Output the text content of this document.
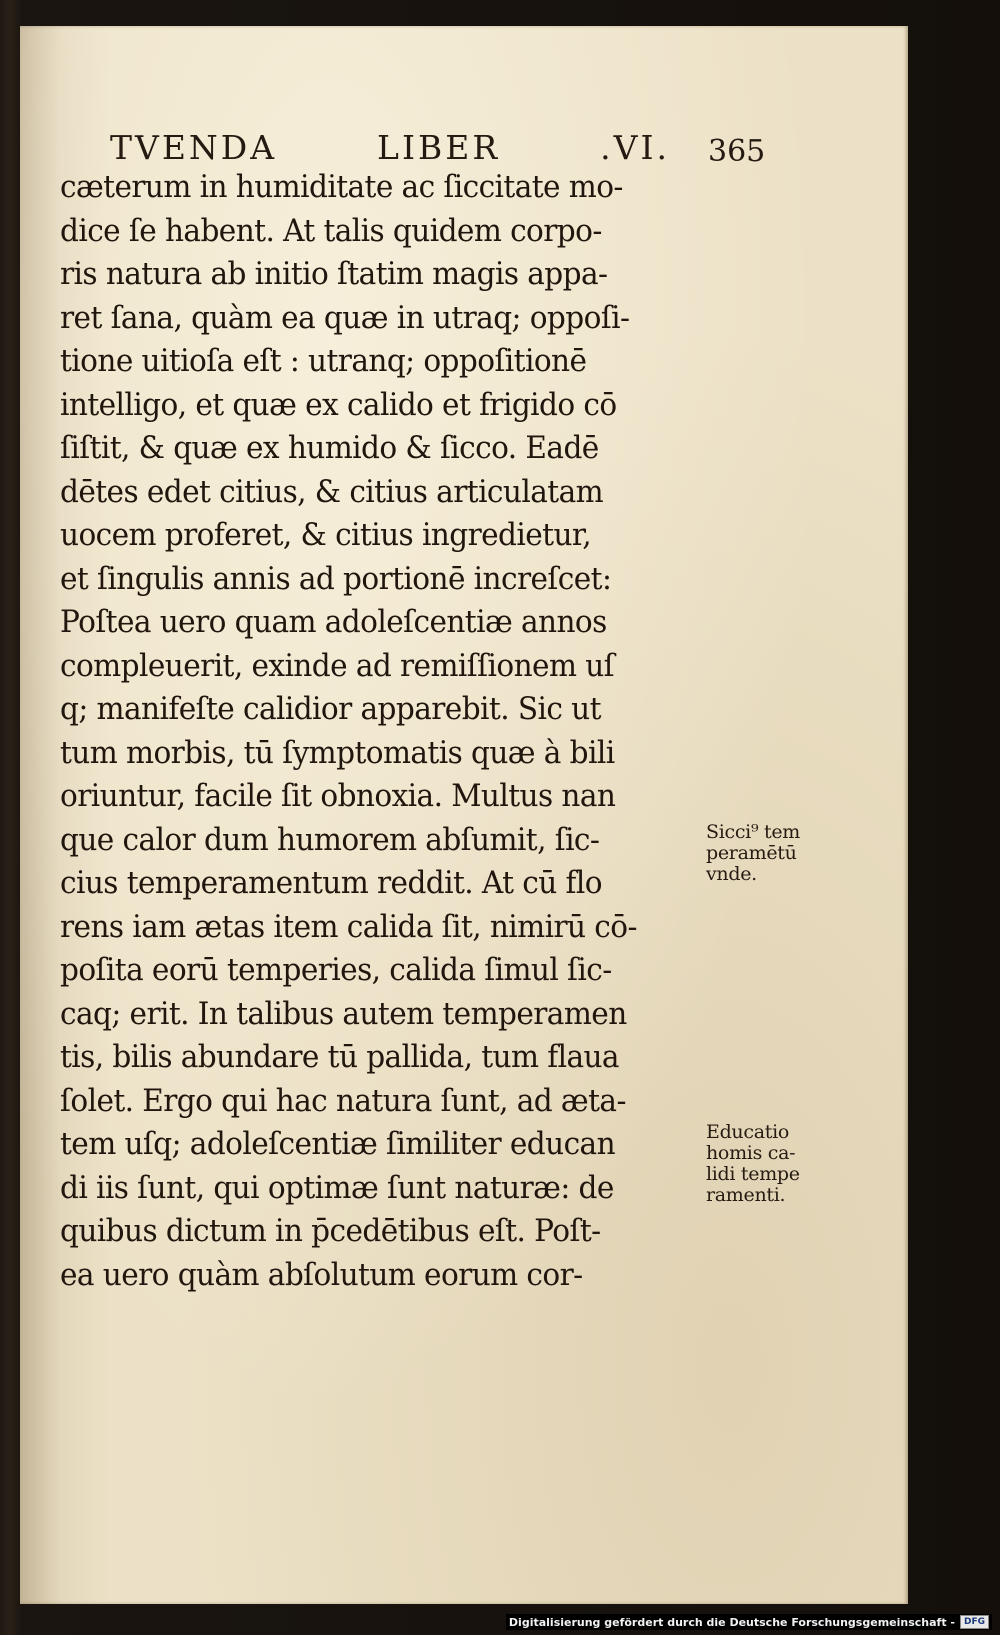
TVENDA	LIBER	.VI. 365
cæterum in humiditate ac ſiccitate mo-
dice ſe habent. At talis quidem corpo-
ris natura ab initio ſtatim magis appa-
ret ſana, quàm ea quæ in utraq; oppoſi-
tione uitioſa eſt : utranq; oppoſitionē
intelligo, et quæ ex calido et frigido cō
ſiſtit, & quæ ex humido & ſicco. Eadē
dētes edet citius, & citius articulatam
uocem proferet, & citius ingredietur,
et ſingulis annis ad portionē increſcet:
Poſtea uero quam adoleſcentiæ annos
compleuerit, exinde ad remiſſionem uſ
q; manifeſte calidior apparebit. Sic ut
tum morbis, tū ſymptomatis quæ à bili
oriuntur, facile ſit obnoxia. Multus nan
que calor dum humorem abſumit, ſic-
cius temperamentum reddit. At cū flo
rens iam ætas item calida ſit, nimirū cō-
poſita eorū temperies, calida ſimul ſic-
caq; erit. In talibus autem temperamen
tis, bilis abundare tū pallida, tum flaua
ſolet. Ergo qui hac natura ſunt, ad æta-
tem uſq; adoleſcentiæ ſimiliter educan
di iis ſunt, qui optimæ ſunt naturæ: de
quibus dictum in p̄cedētibus eſt. Poſt-
ea uero quàm abſolutum eorum cor-
Sicci⁹ tem
peramētū
vnde.
Educatio
homis ca-
lidi tempe
ramenti.
Digitalisierung gefördert durch die Deutsche Forschungsgemeinschaft -	DFG
